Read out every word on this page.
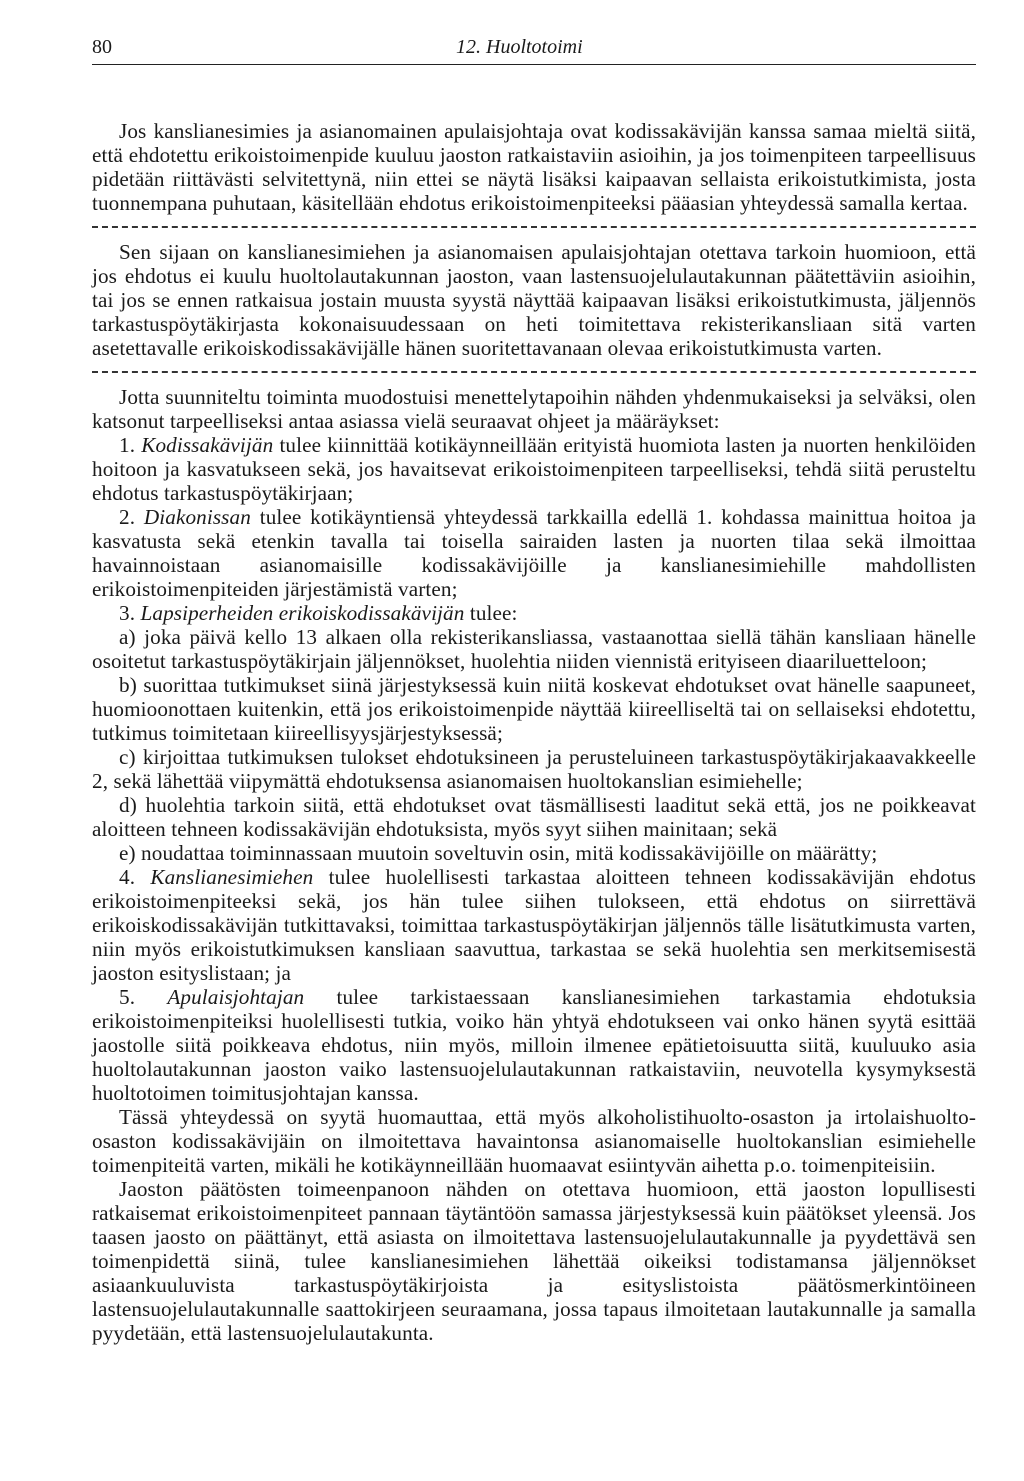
80	12. Huoltotoimi

Jos kanslianesimies ja asianomainen apulaisjohtaja ovat kodissakävijän kanssa samaa mieltä siitä, että ehdotettu erikoistoimenpide kuuluu jaoston ratkaistaviin asioihin, ja jos toimenpiteen tarpeellisuus pidetään riittävästi selvitettynä, niin ettei se näytä lisäksi kaipaavan sellaista erikoistutkimista, josta tuonnempana puhutaan, käsitellään ehdotus erikoistoimenpiteeksi pääasian yhteydessä samalla kertaa.

Sen sijaan on kanslianesimiehen ja asianomaisen apulaisjohtajan otettava tarkoin huomioon, että jos ehdotus ei kuulu huoltolautakunnan jaoston, vaan lastensuojelulautakunnan päätettäviin asioihin, tai jos se ennen ratkaisua jostain muusta syystä näyttää kaipaavan lisäksi erikoistutkimusta, jäljennös tarkastuspöytäkirjasta kokonaisuudessaan on heti toimitettava rekisterikansliaan sitä varten asetettavalle erikoiskodissakävijälle hänen suoritettavanaan olevaa erikoistutkimusta varten.

Jotta suunniteltu toiminta muodostuisi menettelytapoihin nähden yhdenmukaiseksi ja selväksi, olen katsonut tarpeelliseksi antaa asiassa vielä seuraavat ohjeet ja määräykset:

1. Kodissakävijän tulee kiinnittää kotikäynneillään erityistä huomiota lasten ja nuorten henkilöiden hoitoon ja kasvatukseen sekä, jos havaitsevat erikoistoimenpiteen tarpeelliseksi, tehdä siitä perusteltu ehdotus tarkastuspöytäkirjaan;

2. Diakonissan tulee kotikäyntiensä yhteydessä tarkkailla edellä 1. kohdassa mainittua hoitoa ja kasvatusta sekä etenkin tavalla tai toisella sairaiden lasten ja nuorten tilaa sekä ilmoittaa havainnoistaan asianomaisille kodissakävijöille ja kanslianesimiehille mahdollisten erikoistoimenpiteiden järjestämistä varten;

3. Lapsiperheiden erikoiskodissakävijän tulee:

a) joka päivä kello 13 alkaen olla rekisterikansliassa, vastaanottaa siellä tähän kansliaan hänelle osoitetut tarkastuspöytäkirjain jäljennökset, huolehtia niiden viennistä erityiseen diaariluetteloon;

b) suorittaa tutkimukset siinä järjestyksessä kuin niitä koskevat ehdotukset ovat hänelle saapuneet, huomioonottaen kuitenkin, että jos erikoistoimenpide näyttää kiireelliseltä tai on sellaiseksi ehdotettu, tutkimus toimitetaan kiireellisyysjärjestyksessä;

c) kirjoittaa tutkimuksen tulokset ehdotuksineen ja perusteluineen tarkastuspöytäkirjakaavakkeelle 2, sekä lähettää viipymättä ehdotuksensa asianomaisen huoltokanslian esimiehelle;

d) huolehtia tarkoin siitä, että ehdotukset ovat täsmällisesti laaditut sekä että, jos ne poikkeavat aloitteen tehneen kodissakävijän ehdotuksista, myös syyt siihen mainitaan; sekä

e) noudattaa toiminnassaan muutoin soveltuvin osin, mitä kodissakävijöille on määrätty;

4. Kanslianesimiehen tulee huolellisesti tarkastaa aloitteen tehneen kodissakävijän ehdotus erikoistoimenpiteeksi sekä, jos hän tulee siihen tulokseen, että ehdotus on siirrettävä erikoiskodissakävijän tutkittavaksi, toimittaa tarkastuspöytäkirjan jäljennös tälle lisätutkimusta varten, niin myös erikoistutkimuksen kansliaan saavuttua, tarkastaa se sekä huolehtia sen merkitsemisestä jaoston esityslistaan; ja

5. Apulaisjohtajan tulee tarkistaessaan kanslianesimiehen tarkastamia ehdotuksia erikoistoimenpiteiksi huolellisesti tutkia, voiko hän yhtyä ehdotukseen vai onko hänen syytä esittää jaostolle siitä poikkeava ehdotus, niin myös, milloin ilmenee epätietoisuutta siitä, kuuluuko asia huoltolautakunnan jaoston vaiko lastensuojelulautakunnan ratkaistaviin, neuvotella kysymyksestä huoltotoimen toimitusjohtajan kanssa.

Tässä yhteydessä on syytä huomauttaa, että myös alkoholistihuolto-osaston ja irtolaishuolto-osaston kodissakävijäin on ilmoitettava havaintonsa asianomaiselle huoltokanslian esimiehelle toimenpiteitä varten, mikäli he kotikäynneillään huomaavat esiintyvän aihetta p.o. toimenpiteisiin.

Jaoston päätösten toimeenpanoon nähden on otettava huomioon, että jaoston lopullisesti ratkaisemat erikoistoimenpiteet pannaan täytäntöön samassa järjestyksessä kuin päätökset yleensä. Jos taasen jaosto on päättänyt, että asiasta on ilmoitettava lastensuojelulautakunnalle ja pyydettävä sen toimenpidettä siinä, tulee kanslianesimiehen lähettää oikeiksi todistamansa jäljennökset asiaankuuluvista tarkastuspöytäkirjoista ja esityslistoista päätösmerkintöineen lastensuojelulautakunnalle saattokirjeen seuraamana, jossa tapaus ilmoitetaan lautakunnalle ja samalla pyydetään, että lastensuojelulautakunta.
